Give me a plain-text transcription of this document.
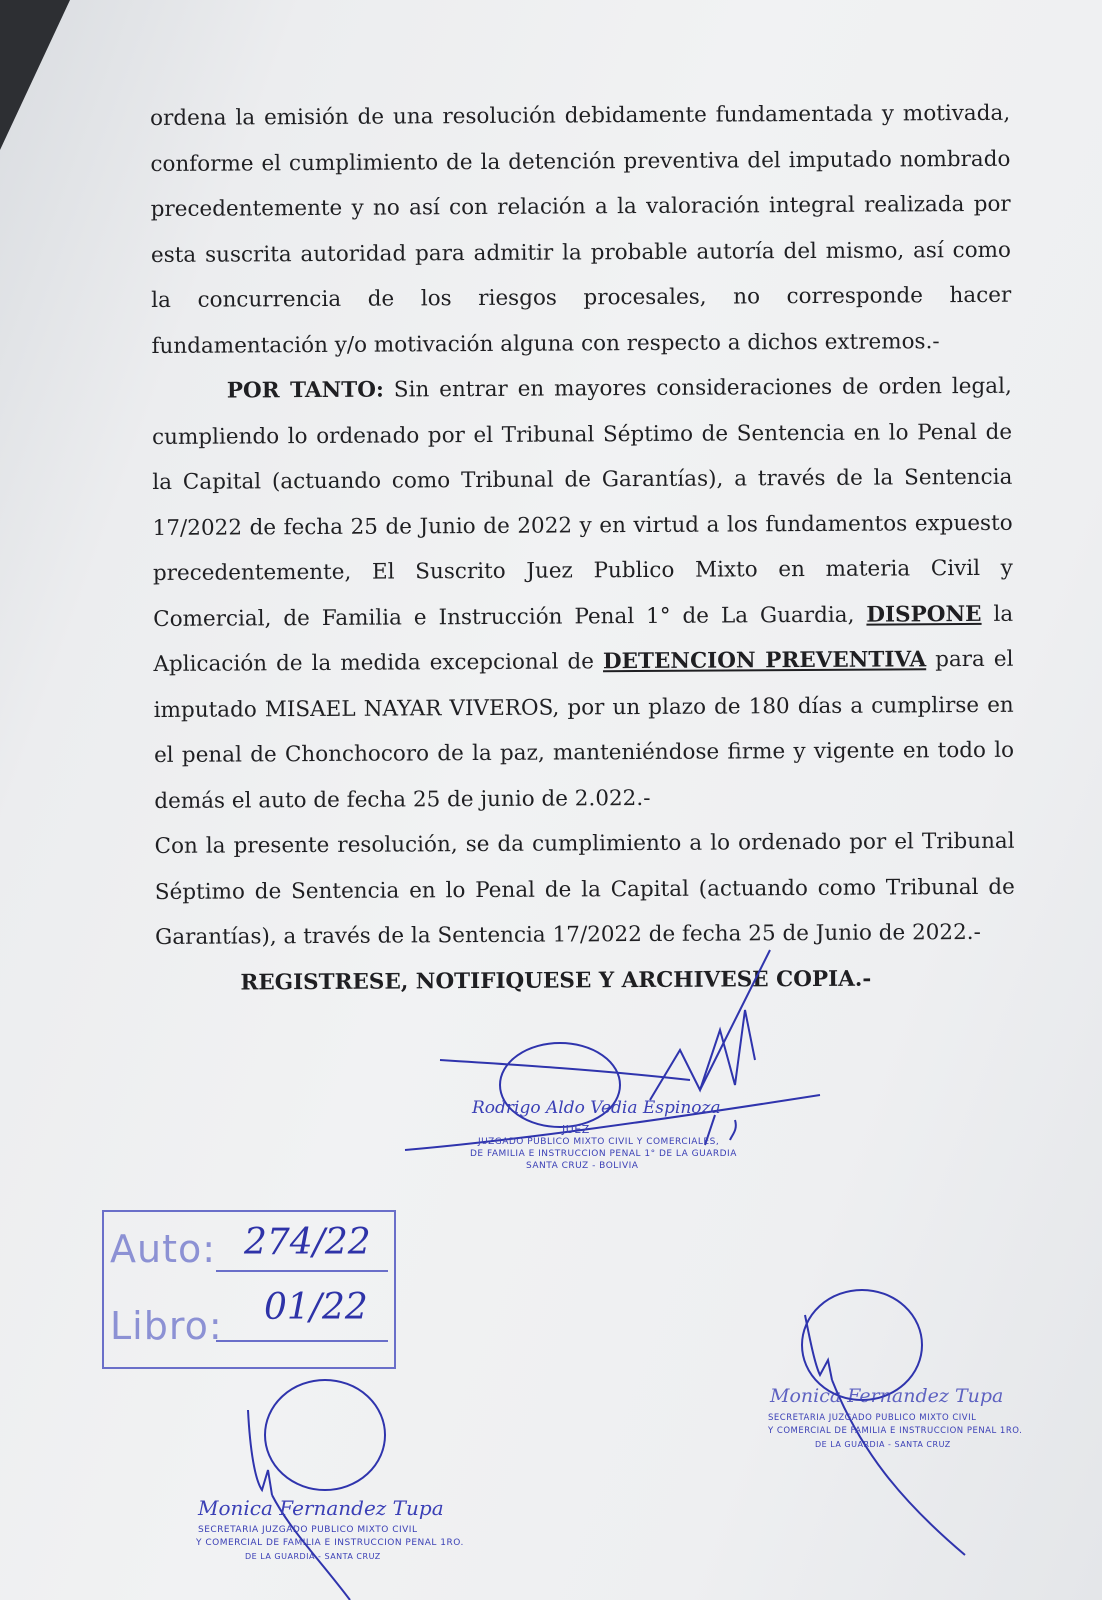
ordena la emisión de una resolución debidamente fundamentada y motivada, conforme el cumplimiento de la detención preventiva del imputado nombrado precedentemente y no así con relación a la valoración integral realizada por esta suscrita autoridad para admitir la probable autoría del mismo, así como la concurrencia de los riesgos procesales, no corresponde hacer fundamentación y/o motivación alguna con respecto a dichos extremos.-

POR TANTO: Sin entrar en mayores consideraciones de orden legal, cumpliendo lo ordenado por el Tribunal Séptimo de Sentencia en lo Penal de la Capital (actuando como Tribunal de Garantías), a través de la Sentencia 17/2022 de fecha 25 de Junio de 2022 y en virtud a los fundamentos expuesto precedentemente, El Suscrito Juez Publico Mixto en materia Civil y Comercial, de Familia e Instrucción Penal 1° de La Guardia, DISPONE la Aplicación de la medida excepcional de DETENCION PREVENTIVA para el imputado MISAEL NAYAR VIVEROS, por un plazo de 180 días a cumplirse en el penal de Chonchocoro de la paz, manteniéndose firme y vigente en todo lo demás el auto de fecha 25 de junio de 2.022.-

Con la presente resolución, se da cumplimiento a lo ordenado por el Tribunal Séptimo de Sentencia en lo Penal de la Capital (actuando como Tribunal de Garantías), a través de la Sentencia 17/2022 de fecha 25 de Junio de 2022.-

REGISTRESE, NOTIFIQUESE Y ARCHIVESE COPIA.-
Rodrigo Aldo Vedia Espinoza
JUEZ
JUZGADO PUBLICO MIXTO CIVIL Y COMERCIALES,
DE FAMILIA E INSTRUCCION PENAL 1° DE LA GUARDIA
SANTA CRUZ - BOLIVIA
Auto: 274/22
Libro: 01/22
Monica Fernandez Tupa
SECRETARIA JUZGADO PUBLICO MIXTO CIVIL
Y COMERCIAL DE FAMILIA E INSTRUCCION PENAL 1RO.
DE LA GUARDIA - SANTA CRUZ
Monica Fernandez Tupa
SECRETARIA JUZGADO PUBLICO MIXTO CIVIL
Y COMERCIAL DE FAMILIA E INSTRUCCION PENAL 1RO.
DE LA GUARDIA - SANTA CRUZ
